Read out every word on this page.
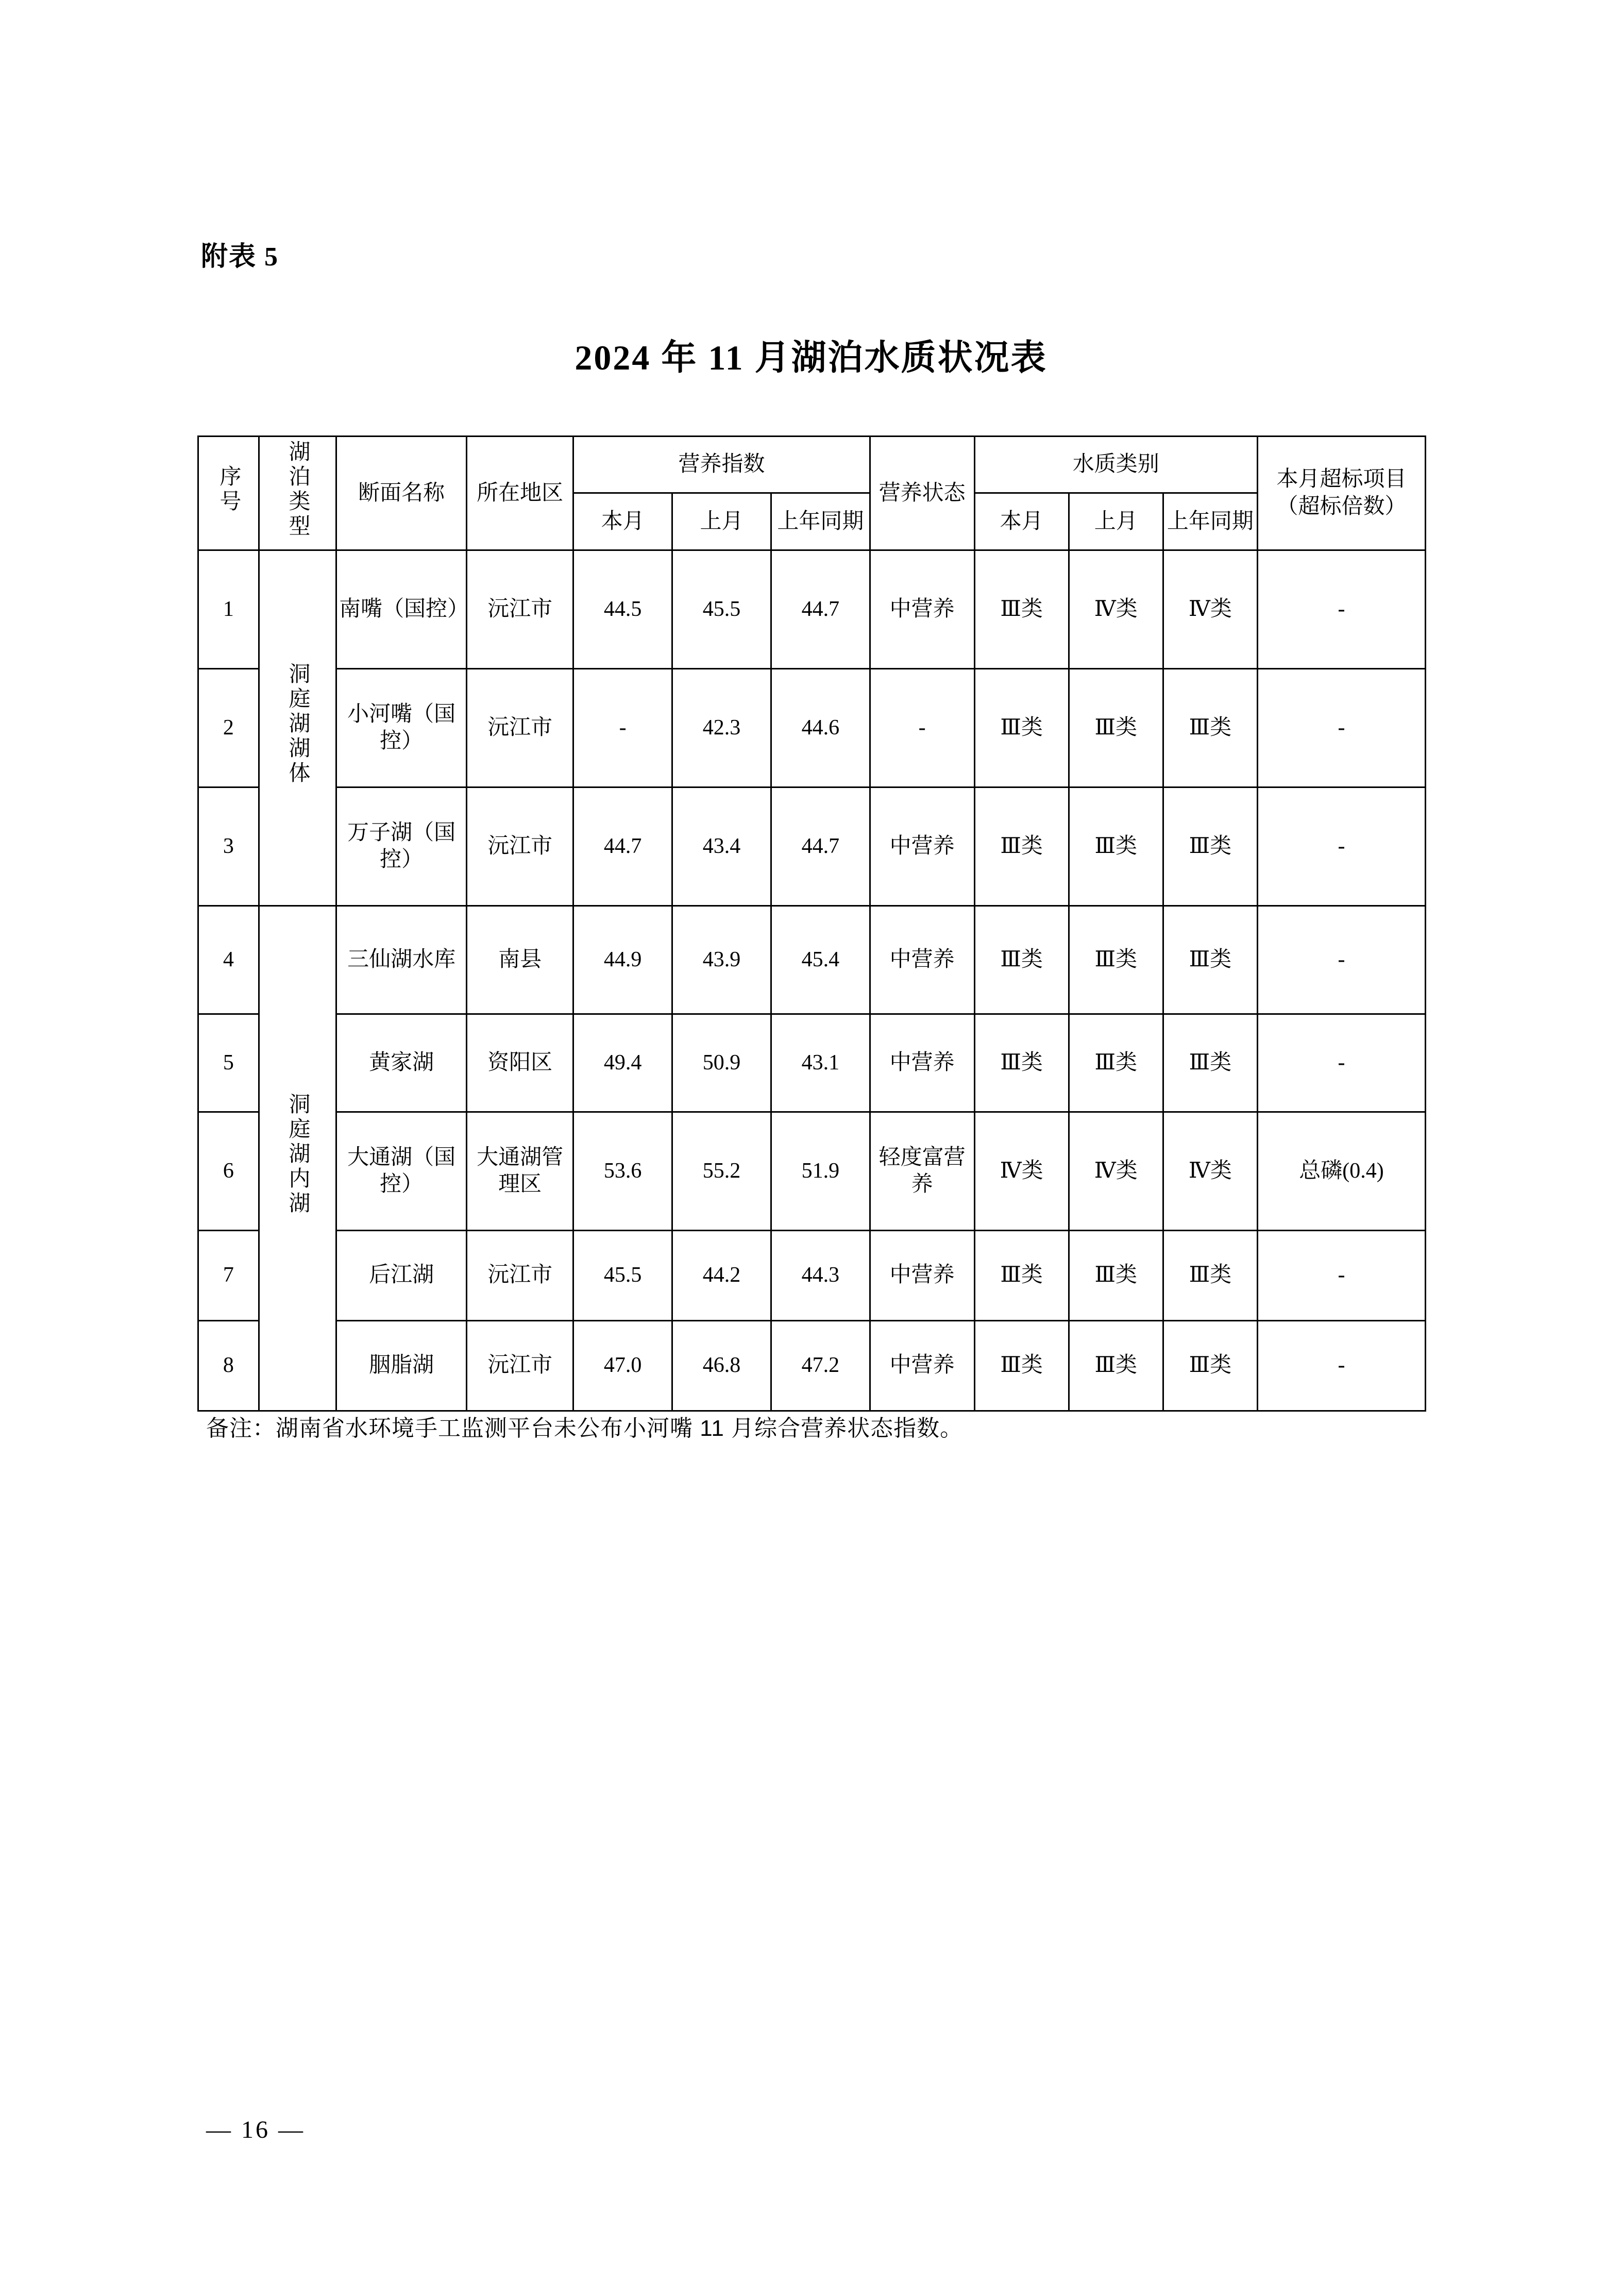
附表 5
2024 年 11 月湖泊水质状况表
序号	湖泊类型	断面名称	所在地区	营养指数			营养状态	水质类别			本月超标项目（超标倍数）
				本月	上月	上年同期		本月	上月	上年同期	
1	洞庭湖湖体	南嘴（国控）	沅江市	44.5	45.5	44.7	中营养	Ⅲ类	Ⅳ类	Ⅳ类	-
2		小河嘴（国控）	沅江市	-	42.3	44.6	-	Ⅲ类	Ⅲ类	Ⅲ类	-
3		万子湖（国控）	沅江市	44.7	43.4	44.7	中营养	Ⅲ类	Ⅲ类	Ⅲ类	-
4	洞庭湖内湖	三仙湖水库	南县	44.9	43.9	45.4	中营养	Ⅲ类	Ⅲ类	Ⅲ类	-
5		黄家湖	资阳区	49.4	50.9	43.1	中营养	Ⅲ类	Ⅲ类	Ⅲ类	-
6		大通湖（国控）	大通湖管理区	53.6	55.2	51.9	轻度富营养	Ⅳ类	Ⅳ类	Ⅳ类	总磷(0.4)
7		后江湖	沅江市	45.5	44.2	44.3	中营养	Ⅲ类	Ⅲ类	Ⅲ类	-
8		胭脂湖	沅江市	47.0	46.8	47.2	中营养	Ⅲ类	Ⅲ类	Ⅲ类	-
备注：湖南省水环境手工监测平台未公布小河嘴 11 月综合营养状态指数。
— 16 —
